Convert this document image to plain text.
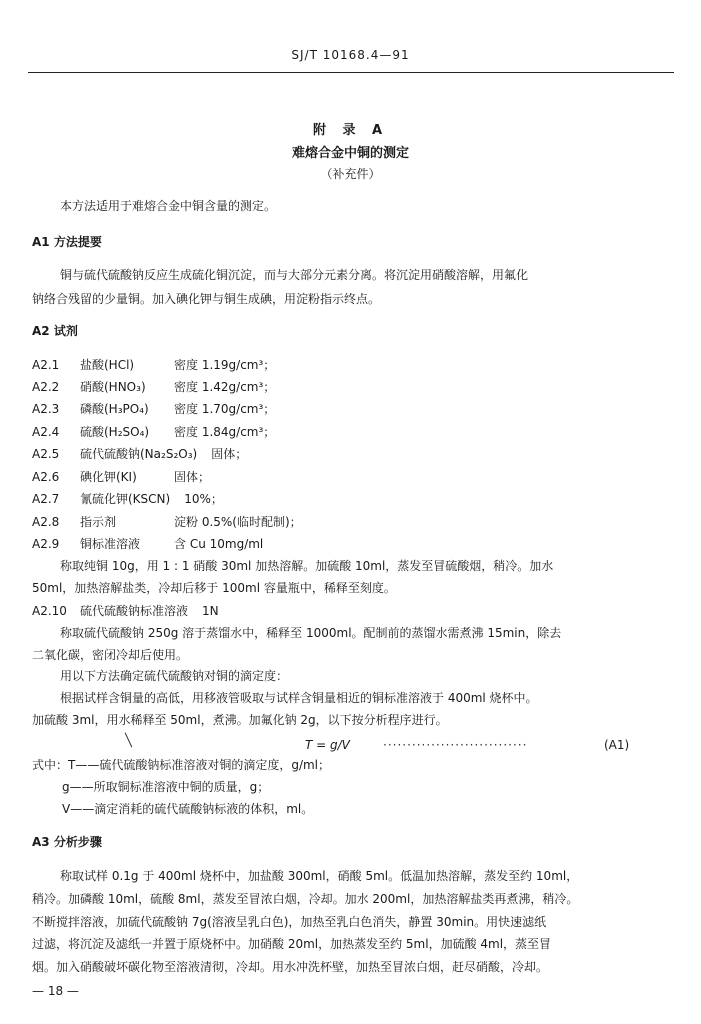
SJ/T 10168.4—91
附 录 A
难熔合金中铜的测定
（补充件）
本方法适用于难熔合金中铜含量的测定。
A1 方法提要
铜与硫代硫酸钠反应生成硫化铜沉淀，而与大部分元素分离。将沉淀用硝酸溶解，用氟化
钠络合残留的少量铜。加入碘化钾与铜生成碘，用淀粉指示终点。
A2 试剂
A2.1 盐酸(HCl)	密度 1.19g/cm³；
A2.2 硝酸(HNO₃) 密度 1.42g/cm³；
A2.3 磷酸(H₃PO₄) 密度 1.70g/cm³；
A2.4 硫酸(H₂SO₄) 密度 1.84g/cm³；
A2.5 硫代硫酸钠(Na₂S₂O₃) 固体；
A2.6 碘化钾(KI)	固体；
A2.7 氰硫化钾(KSCN) 10%；
A2.8 指示剂	淀粉 0.5%(临时配制)；
A2.9 铜标准溶液	含 Cu 10mg/ml
称取纯铜 10g，用 1 : 1 硝酸 30ml 加热溶解。加硫酸 10ml，蒸发至冒硫酸烟，稍冷。加水
50ml，加热溶解盐类，冷却后移于 100ml 容量瓶中，稀释至刻度。
A2.10 硫代硫酸钠标准溶液 1N
称取硫代硫酸钠 250g 溶于蒸馏水中，稀释至 1000ml。配制前的蒸馏水需煮沸 15min，除去
二氧化碳，密闭冷却后使用。
用以下方法确定硫代硫酸钠对铜的滴定度：
根据试样含铜量的高低，用移液管吸取与试样含铜量相近的铜标准溶液于 400ml 烧杯中。
加硫酸 3ml，用水稀释至 50ml，煮沸。加氟化钠 2g，以下按分析程序进行。
T = g/V	······························	(A1)
式中：T——硫代硫酸钠标准溶液对铜的滴定度，g/ml；
g——所取铜标准溶液中铜的质量，g；
V——滴定消耗的硫代硫酸钠标液的体积，ml。
A3 分析步骤
称取试样 0.1g 于 400ml 烧杯中，加盐酸 300ml，硝酸 5ml。低温加热溶解，蒸发至约 10ml，
稍冷。加磷酸 10ml，硫酸 8ml，蒸发至冒浓白烟，冷却。加水 200ml，加热溶解盐类再煮沸，稍冷。
不断搅拌溶液，加硫代硫酸钠 7g(溶液呈乳白色)，加热至乳白色消失，静置 30min。用快速滤纸
过滤，将沉淀及滤纸一并置于原烧杯中。加硝酸 20ml，加热蒸发至约 5ml，加硫酸 4ml，蒸至冒
烟。加入硝酸破坏碳化物至溶液清彻，冷却。用水冲洗杯壁，加热至冒浓白烟，赶尽硝酸，冷却。
— 18 —
